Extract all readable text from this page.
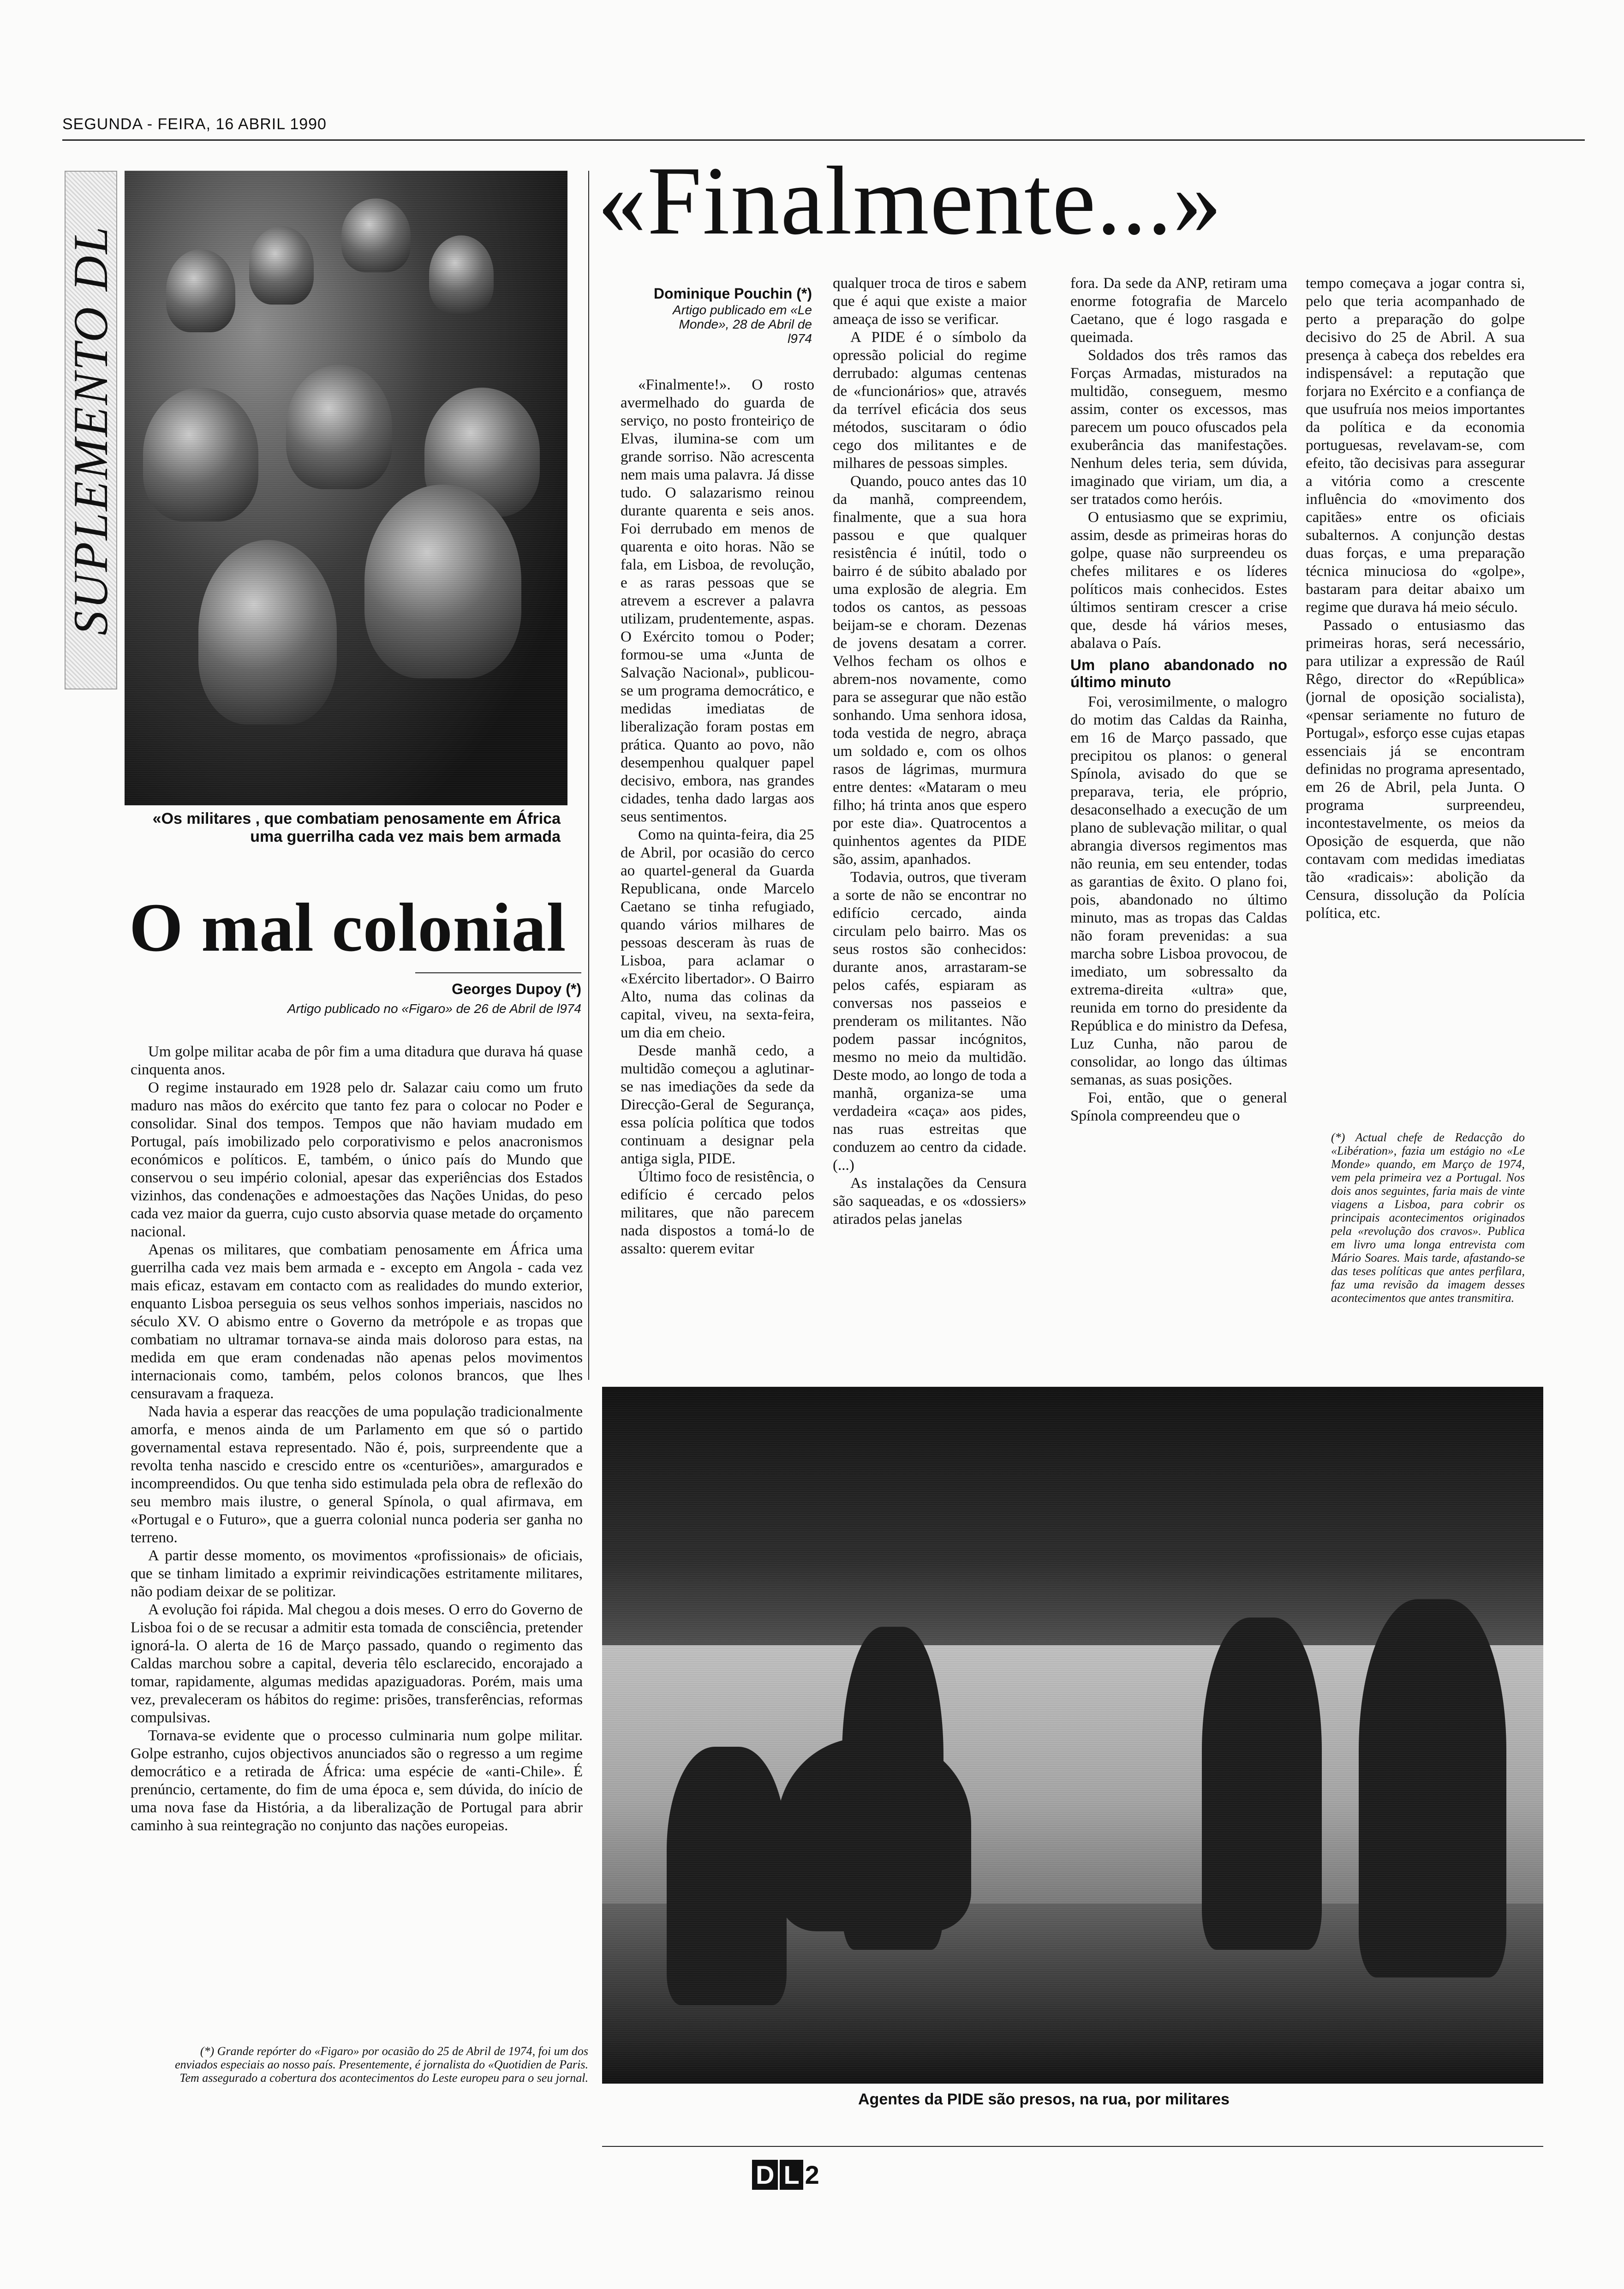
SEGUNDA - FEIRA, 16 ABRIL 1990
SUPLEMENTO DL
«Os militares , que combatiam penosamente em África uma guerrilha cada vez mais bem armada
O mal colonial
Georges Dupoy (*)
Artigo publicado no «Figaro» de 26 de Abril de l974

Um golpe militar acaba de pôr fim a uma ditadura que durava há quase cinquenta anos.

O regime instaurado em 1928 pelo dr. Salazar caiu como um fruto maduro nas mãos do exército que tanto fez para o colocar no Poder e consolidar. Sinal dos tempos. Tempos que não haviam mudado em Portugal, país imobilizado pelo corporativismo e pelos anacronismos económicos e políticos. E, também, o único país do Mundo que conservou o seu império colonial, apesar das experiências dos Estados vizinhos, das condenações e admoestações das Nações Unidas, do peso cada vez maior da guerra, cujo custo absorvia quase metade do orçamento nacional.

Apenas os militares, que combatiam penosamente em África uma guerrilha cada vez mais bem armada e - excepto em Angola - cada vez mais eficaz, estavam em contacto com as realidades do mundo exterior, enquanto Lisboa perseguia os seus velhos sonhos imperiais, nascidos no século XV. O abismo entre o Governo da metrópole e as tropas que combatiam no ultramar tornava-se ainda mais doloroso para estas, na medida em que eram condenadas não apenas pelos movimentos internacionais como, também, pelos colonos brancos, que lhes censuravam a fraqueza.

Nada havia a esperar das reacções de uma população tradicionalmente amorfa, e menos ainda de um Parlamento em que só o partido governamental estava representado. Não é, pois, surpreendente que a revolta tenha nascido e crescido entre os «centuriões», amargurados e incompreendidos. Ou que tenha sido estimulada pela obra de reflexão do seu membro mais ilustre, o general Spínola, o qual afirmava, em «Portugal e o Futuro», que a guerra colonial nunca poderia ser ganha no terreno.

A partir desse momento, os movimentos «profissionais» de oficiais, que se tinham limitado a exprimir reivindicações estritamente militares, não podiam deixar de se politizar.

A evolução foi rápida. Mal chegou a dois meses. O erro do Governo de Lisboa foi o de se recusar a admitir esta tomada de consciência, pretender ignorá-la. O alerta de 16 de Março passado, quando o regimento das Caldas marchou sobre a capital, deveria têlo esclarecido, encorajado a tomar, rapidamente, algumas medidas apaziguadoras. Porém, mais uma vez, prevaleceram os hábitos do regime: prisões, transferências, reformas compulsivas.

Tornava-se evidente que o processo culminaria num golpe militar. Golpe estranho, cujos objectivos anunciados são o regresso a um regime democrático e a retirada de África: uma espécie de «anti-Chile». É prenúncio, certamente, do fim de uma época e, sem dúvida, do início de uma nova fase da História, a da liberalização de Portugal para abrir caminho à sua reintegração no conjunto das nações europeias.

(*) Grande repórter do «Figaro» por ocasião do 25 de Abril de 1974, foi um dos enviados especiais ao nosso país. Presentemente, é jornalista do «Quotidien de Paris. Tem assegurado a cobertura dos acontecimentos do Leste europeu para o seu jornal.
«Finalmente...»
Dominique Pouchin (*)
Artigo publicado em «Le Monde», 28 de Abril de l974

«Finalmente!». O rosto avermelhado do guarda de serviço, no posto fronteiriço de Elvas, ilumina-se com um grande sorriso. Não acrescenta nem mais uma palavra. Já disse tudo. O salazarismo reinou durante quarenta e seis anos. Foi derrubado em menos de quarenta e oito horas. Não se fala, em Lisboa, de revolução, e as raras pessoas que se atrevem a escrever a palavra utilizam, prudentemente, aspas. O Exército tomou o Poder; formou-se uma «Junta de Salvação Nacional», publicou-se um programa democrático, e medidas imediatas de liberalização foram postas em prática. Quanto ao povo, não desempenhou qualquer papel decisivo, embora, nas grandes cidades, tenha dado largas aos seus sentimentos.

Como na quinta-feira, dia 25 de Abril, por ocasião do cerco ao quartel-general da Guarda Republicana, onde Marcelo Caetano se tinha refugiado, quando vários milhares de pessoas desceram às ruas de Lisboa, para aclamar o «Exército libertador». O Bairro Alto, numa das colinas da capital, viveu, na sexta-feira, um dia em cheio.

Desde manhã cedo, a multidão começou a aglutinar-se nas imediações da sede da Direcção-Geral de Segurança, essa polícia política que todos continuam a designar pela antiga sigla, PIDE.

Último foco de resistência, o edifício é cercado pelos militares, que não parecem nada dispostos a tomá-lo de assalto: querem evitar

qualquer troca de tiros e sabem que é aqui que existe a maior ameaça de isso se verificar.

A PIDE é o símbolo da opressão policial do regime derrubado: algumas centenas de «funcionários» que, através da terrível eficácia dos seus métodos, suscitaram o ódio cego dos militantes e de milhares de pessoas simples.

Quando, pouco antes das 10 da manhã, compreendem, finalmente, que a sua hora passou e que qualquer resistência é inútil, todo o bairro é de súbito abalado por uma explosão de alegria. Em todos os cantos, as pessoas beijam-se e choram. Dezenas de jovens desatam a correr. Velhos fecham os olhos e abrem-nos novamente, como para se assegurar que não estão sonhando. Uma senhora idosa, toda vestida de negro, abraça um soldado e, com os olhos rasos de lágrimas, murmura entre dentes: «Mataram o meu filho; há trinta anos que espero por este dia». Quatrocentos a quinhentos agentes da PIDE são, assim, apanhados.

Todavia, outros, que tiveram a sorte de não se encontrar no edifício cercado, ainda circulam pelo bairro. Mas os seus rostos são conhecidos: durante anos, arrastaram-se pelos cafés, espiaram as conversas nos passeios e prenderam os militantes. Não podem passar incógnitos, mesmo no meio da multidão. Deste modo, ao longo de toda a manhã, organiza-se uma verdadeira «caça» aos pides, nas ruas estreitas que conduzem ao centro da cidade. (...)

As instalações da Censura são saqueadas, e os «dossiers» atirados pelas janelas

fora. Da sede da ANP, retiram uma enorme fotografia de Marcelo Caetano, que é logo rasgada e queimada.

Soldados dos três ramos das Forças Armadas, misturados na multidão, conseguem, mesmo assim, conter os excessos, mas parecem um pouco ofuscados pela exuberância das manifestações. Nenhum deles teria, sem dúvida, imaginado que viriam, um dia, a ser tratados como heróis.

O entusiasmo que se exprimiu, assim, desde as primeiras horas do golpe, quase não surpreendeu os chefes militares e os líderes políticos mais conhecidos. Estes últimos sentiram crescer a crise que, desde há vários meses, abalava o País.

Um plano abandonado no último minuto

Foi, verosimilmente, o malogro do motim das Caldas da Rainha, em 16 de Março passado, que precipitou os planos: o general Spínola, avisado do que se preparava, teria, ele próprio, desaconselhado a execução de um plano de sublevação militar, o qual abrangia diversos regimentos mas não reunia, em seu entender, todas as garantias de êxito. O plano foi, pois, abandonado no último minuto, mas as tropas das Caldas não foram prevenidas: a sua marcha sobre Lisboa provocou, de imediato, um sobressalto da extrema-direita «ultra» que, reunida em torno do presidente da República e do ministro da Defesa, Luz Cunha, não parou de consolidar, ao longo das últimas semanas, as suas posições.

Foi, então, que o general Spínola compreendeu que o

tempo começava a jogar contra si, pelo que teria acompanhado de perto a preparação do golpe decisivo do 25 de Abril. A sua presença à cabeça dos rebeldes era indispensável: a reputação que forjara no Exército e a confiança de que usufruía nos meios importantes da política e da economia portuguesas, revelavam-se, com efeito, tão decisivas para assegurar a vitória como a crescente influência do «movimento dos capitães» entre os oficiais subalternos. A conjunção destas duas forças, e uma preparação técnica minuciosa do «golpe», bastaram para deitar abaixo um regime que durava há meio século.

Passado o entusiasmo das primeiras horas, será necessário, para utilizar a expressão de Raúl Rêgo, director do «República» (jornal de oposição socialista), «pensar seriamente no futuro de Portugal», esforço esse cujas etapas essenciais já se encontram definidas no programa apresentado, em 26 de Abril, pela Junta. O programa surpreendeu, incontestavelmente, os meios da Oposição de esquerda, que não contavam com medidas imediatas tão «radicais»: abolição da Censura, dissolução da Polícia política, etc.

(*) Actual chefe de Redacção do «Libération», fazia um estágio no «Le Monde» quando, em Março de 1974, vem pela primeira vez a Portugal. Nos dois anos seguintes, faria mais de vinte viagens a Lisboa, para cobrir os principais acontecimentos originados pela «revolução dos cravos». Publica em livro uma longa entrevista com Mário Soares. Mais tarde, afastando-se das teses políticas que antes perfilara, faz uma revisão da imagem desses acontecimentos que antes transmitira.
Agentes da PIDE são presos, na rua, por militares
D L 2
